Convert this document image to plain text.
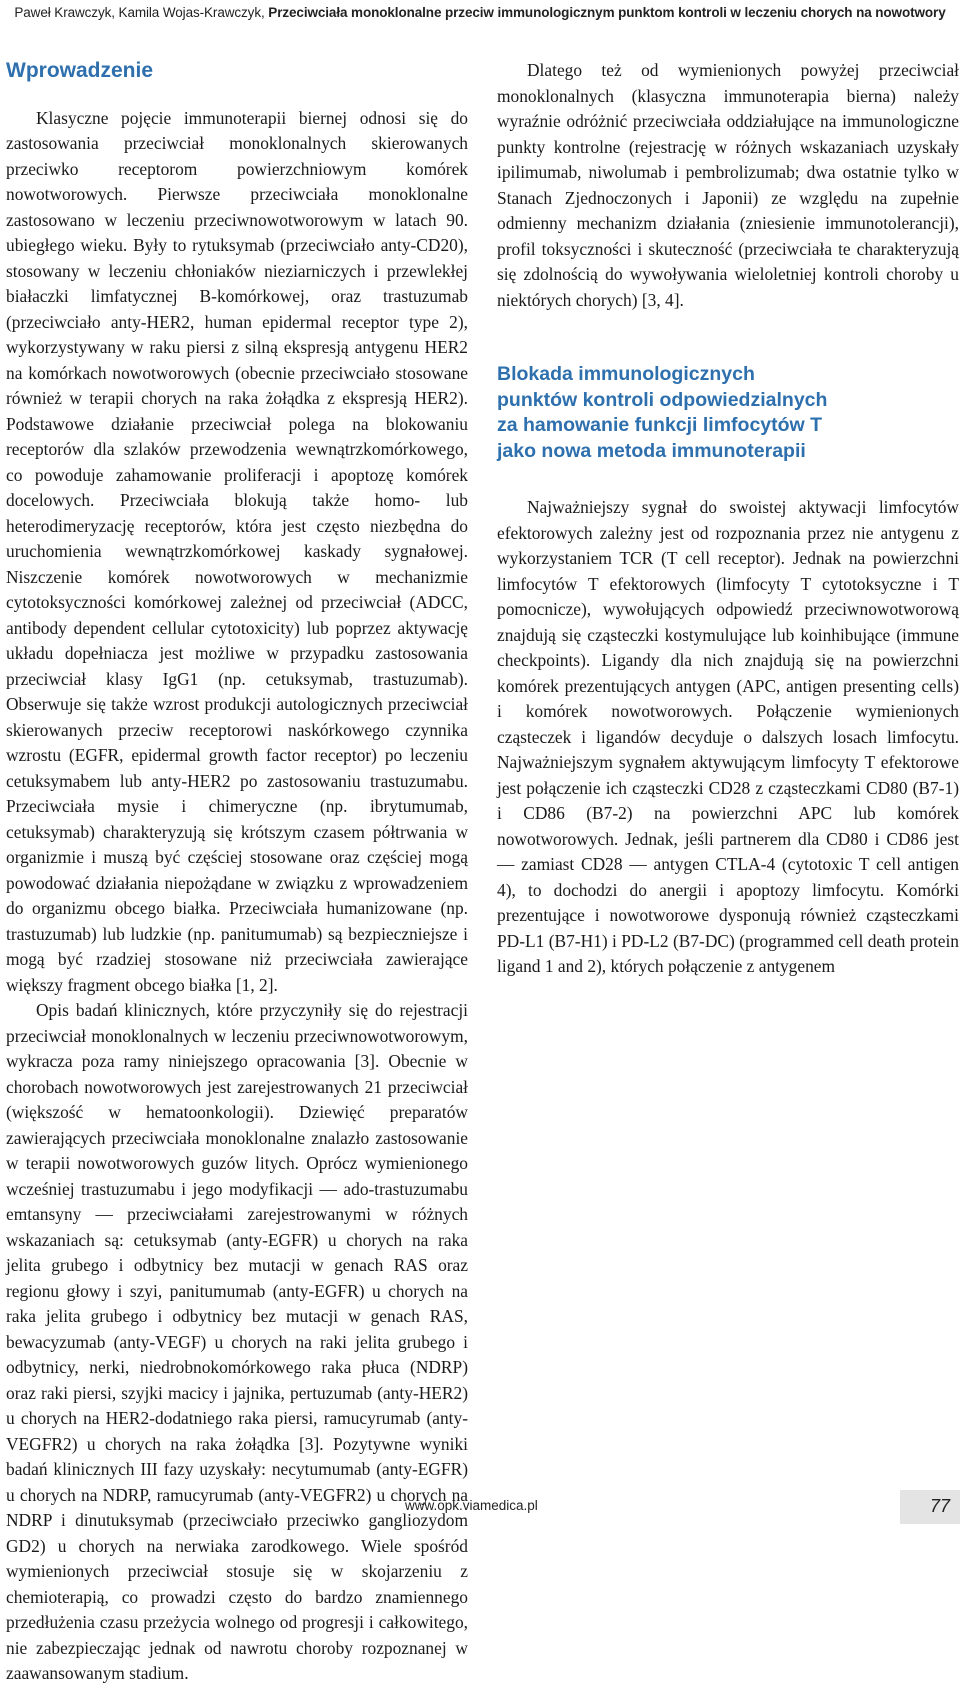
Paweł Krawczyk, Kamila Wojas-Krawczyk, Przeciwciała monoklonalne przeciw immunologicznym punktom kontroli w leczeniu chorych na nowotwory
Wprowadzenie

Klasyczne pojęcie immunoterapii biernej odnosi się do zastosowania przeciwciał monoklonalnych skierowanych przeciwko receptorom powierzchniowym komórek nowotworowych. Pierwsze przeciwciała monoklonalne zastosowano w leczeniu przeciwnowotworowym w latach 90. ubiegłego wieku. Były to rytuksymab (przeciwciało anty-CD20), stosowany w leczeniu chłoniaków nieziarniczych i przewlekłej białaczki limfatycznej B-komórkowej, oraz trastuzumab (przeciwciało anty-HER2, human epidermal receptor type 2), wykorzystywany w raku piersi z silną ekspresją antygenu HER2 na komórkach nowotworowych (obecnie przeciwciało stosowane również w terapii chorych na raka żołądka z ekspresją HER2). Podstawowe działanie przeciwciał polega na blokowaniu receptorów dla szlaków przewodzenia wewnątrzkomórkowego, co powoduje zahamowanie proliferacji i apoptozę komórek docelowych. Przeciwciała blokują także homo- lub heterodimeryzację receptorów, która jest często niezbędna do uruchomienia wewnątrzkomórkowej kaskady sygnałowej. Niszczenie komórek nowotworowych w mechanizmie cytotoksyczności komórkowej zależnej od przeciwciał (ADCC, antibody dependent cellular cytotoxicity) lub poprzez aktywację układu dopełniacza jest możliwe w przypadku zastosowania przeciwciał klasy IgG1 (np. cetuksymab, trastuzumab). Obserwuje się także wzrost produkcji autologicznych przeciwciał skierowanych przeciw receptorowi naskórkowego czynnika wzrostu (EGFR, epidermal growth factor receptor) po leczeniu cetuksymabem lub anty-HER2 po zastosowaniu trastuzumabu. Przeciwciała mysie i chimeryczne (np. ibrytumumab, cetuksymab) charakteryzują się krótszym czasem półtrwania w organizmie i muszą być częściej stosowane oraz częściej mogą powodować działania niepożądane w związku z wprowadzeniem do organizmu obcego białka. Przeciwciała humanizowane (np. trastuzumab) lub ludzkie (np. panitumumab) są bezpieczniejsze i mogą być rzadziej stosowane niż przeciwciała zawierające większy fragment obcego białka [1, 2].

Opis badań klinicznych, które przyczyniły się do rejestracji przeciwciał monoklonalnych w leczeniu przeciwnowotworowym, wykracza poza ramy niniejszego opracowania [3]. Obecnie w chorobach nowotworowych jest zarejestrowanych 21 przeciwciał (większość w hematoonkologii). Dziewięć preparatów zawierających przeciwciała monoklonalne znalazło zastosowanie w terapii nowotworowych guzów litych. Oprócz wymienionego wcześniej trastuzumabu i jego modyfikacji — ado-trastuzumabu emtansyny — przeciwciałami zarejestrowanymi w różnych wskazaniach są: cetuksymab (anty-EGFR) u chorych na raka jelita grubego i odbytnicy bez mutacji w genach RAS oraz regionu głowy i szyi, panitumumab (anty-EGFR) u chorych na raka jelita grubego i odbytnicy bez mutacji w genach RAS, bewacyzumab (anty-VEGF) u chorych na raki jelita grubego i odbytnicy, nerki, niedrobnokomórkowego raka płuca (NDRP) oraz raki piersi, szyjki macicy i jajnika, pertuzumab (anty-HER2) u chorych na HER2-dodatniego raka piersi, ramucyrumab (anty-VEGFR2) u chorych na raka żołądka [3]. Pozytywne wyniki badań klinicznych III fazy uzyskały: necytumumab (anty-EGFR) u chorych na NDRP, ramucyrumab (anty-VEGFR2) u chorych na NDRP i dinutuksymab (przeciwciało przeciwko gangliozydom GD2) u chorych na nerwiaka zarodkowego. Wiele spośród wymienionych przeciwciał stosuje się w skojarzeniu z chemioterapią, co prowadzi często do bardzo znamiennego przedłużenia czasu przeżycia wolnego od progresji i całkowitego, nie zabezpieczając jednak od nawrotu choroby rozpoznanej w zaawansowanym stadium.

Dlatego też od wymienionych powyżej przeciwciał monoklonalnych (klasyczna immunoterapia bierna) należy wyraźnie odróżnić przeciwciała oddziałujące na immunologiczne punkty kontrolne (rejestrację w różnych wskazaniach uzyskały ipilimumab, niwolumab i pembrolizumab; dwa ostatnie tylko w Stanach Zjednoczonych i Japonii) ze względu na zupełnie odmienny mechanizm działania (zniesienie immunotolerancji), profil toksyczności i skuteczność (przeciwciała te charakteryzują się zdolnością do wywoływania wieloletniej kontroli choroby u niektórych chorych) [3, 4].

Blokada immunologicznych
punktów kontroli odpowiedzialnych
za hamowanie funkcji limfocytów T
jako nowa metoda immunoterapii

Najważniejszy sygnał do swoistej aktywacji limfocytów efektorowych zależny jest od rozpoznania przez nie antygenu z wykorzystaniem TCR (T cell receptor). Jednak na powierzchni limfocytów T efektorowych (limfocyty T cytotoksyczne i T pomocnicze), wywołujących odpowiedź przeciwnowotworową znajdują się cząsteczki kostymulujące lub koinhibujące (immune checkpoints). Ligandy dla nich znajdują się na powierzchni komórek prezentujących antygen (APC, antigen presenting cells) i komórek nowotworowych. Połączenie wymienionych cząsteczek i ligandów decyduje o dalszych losach limfocytu. Najważniejszym sygnałem aktywującym limfocyty T efektorowe jest połączenie ich cząsteczki CD28 z cząsteczkami CD80 (B7-1) i CD86 (B7-2) na powierzchni APC lub komórek nowotworowych. Jednak, jeśli partnerem dla CD80 i CD86 jest — zamiast CD28 — antygen CTLA-4 (cytotoxic T cell antigen 4), to dochodzi do anergii i apoptozy limfocytu. Komórki prezentujące i nowotworowe dysponują również cząsteczkami PD-L1 (B7-H1) i PD-L2 (B7-DC) (programmed cell death protein ligand 1 and 2), których połączenie z antygenem

www.opk.viamedica.pl	77
